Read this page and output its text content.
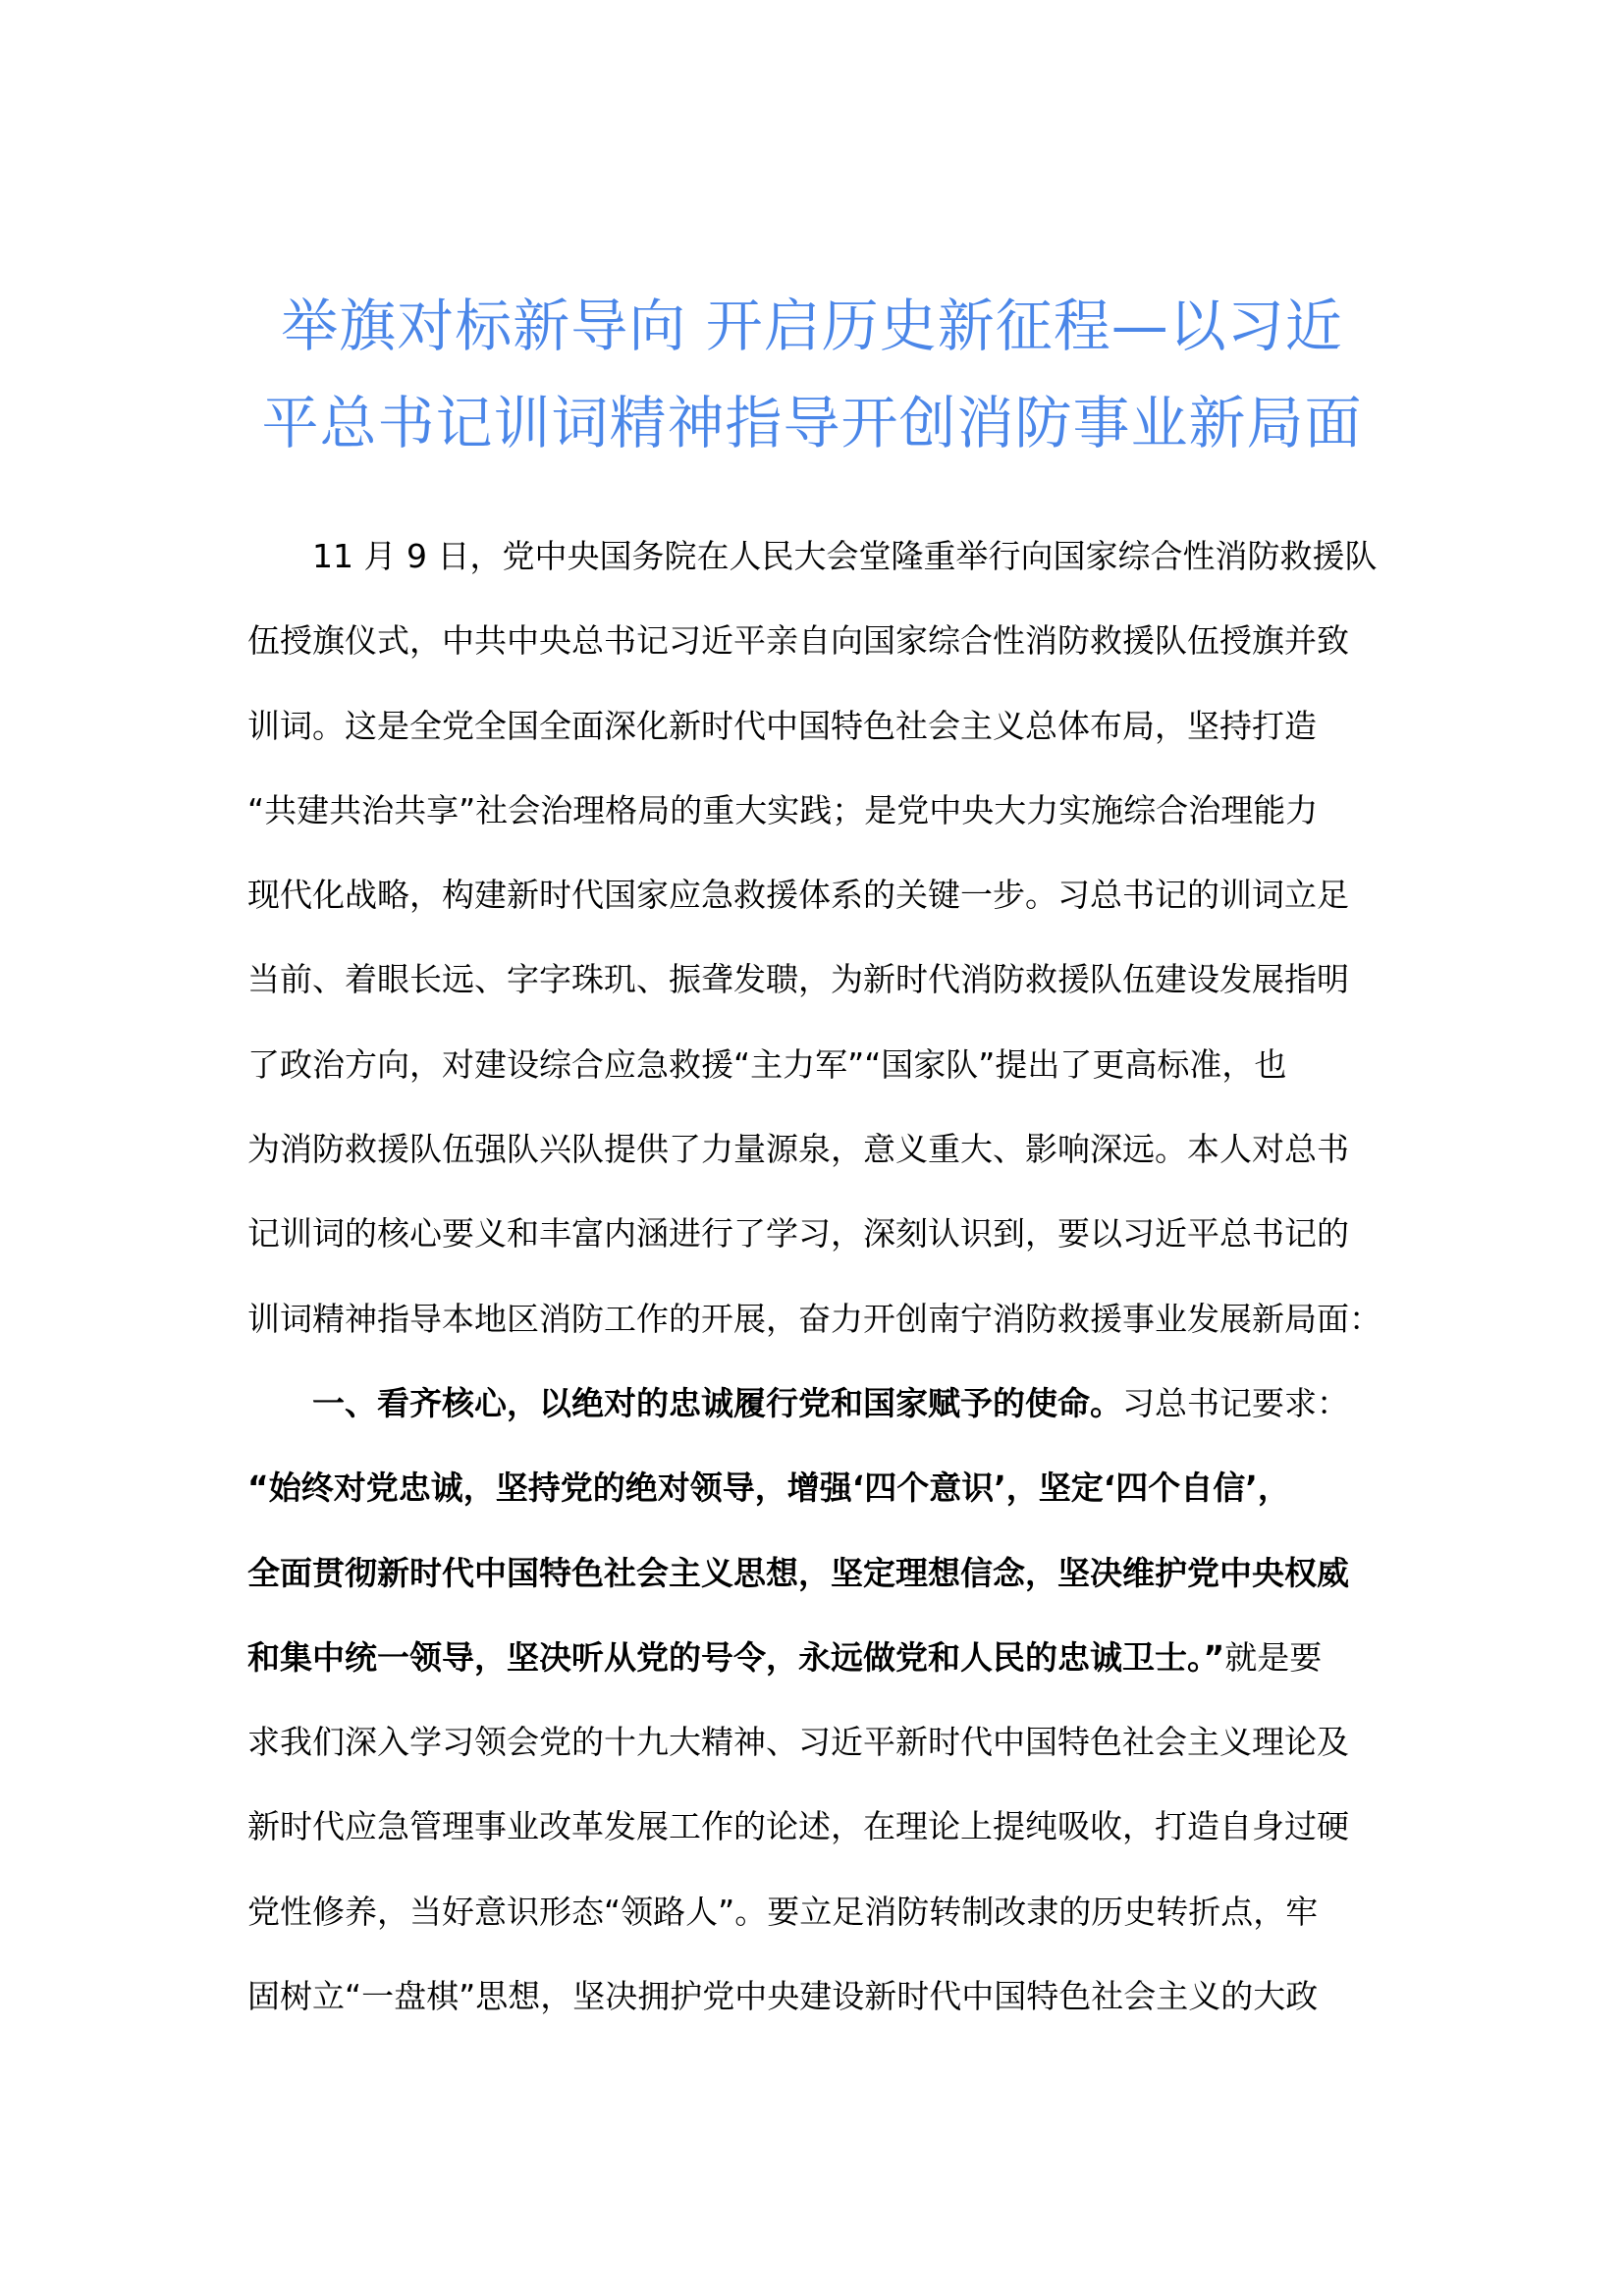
举旗对标新导向 开启历史新征程—以习近
平总书记训词精神指导开创消防事业新局面

11 月 9 日，党中央国务院在人民大会堂隆重举行向国家综合性消防救援队
伍授旗仪式，中共中央总书记习近平亲自向国家综合性消防救援队伍授旗并致
训词。这是全党全国全面深化新时代中国特色社会主义总体布局，坚持打造
“共建共治共享”社会治理格局的重大实践；是党中央大力实施综合治理能力
现代化战略，构建新时代国家应急救援体系的关键一步。习总书记的训词立足
当前、着眼长远、字字珠玑、振聋发聩，为新时代消防救援队伍建设发展指明
了政治方向，对建设综合应急救援“主力军”“国家队”提出了更高标准，也
为消防救援队伍强队兴队提供了力量源泉，意义重大、影响深远。本人对总书
记训词的核心要义和丰富内涵进行了学习，深刻认识到，要以习近平总书记的
训词精神指导本地区消防工作的开展，奋力开创南宁消防救援事业发展新局面：

一、看齐核心，以绝对的忠诚履行党和国家赋予的使命。习总书记要求：
“始终对党忠诚，坚持党的绝对领导，增强‘四个意识’，坚定‘四个自信’，
全面贯彻新时代中国特色社会主义思想，坚定理想信念，坚决维护党中央权威
和集中统一领导，坚决听从党的号令，永远做党和人民的忠诚卫士。”就是要
求我们深入学习领会党的十九大精神、习近平新时代中国特色社会主义理论及
新时代应急管理事业改革发展工作的论述，在理论上提纯吸收，打造自身过硬
党性修养，当好意识形态“领路人”。要立足消防转制改隶的历史转折点，牢
固树立“一盘棋”思想，坚决拥护党中央建设新时代中国特色社会主义的大政
